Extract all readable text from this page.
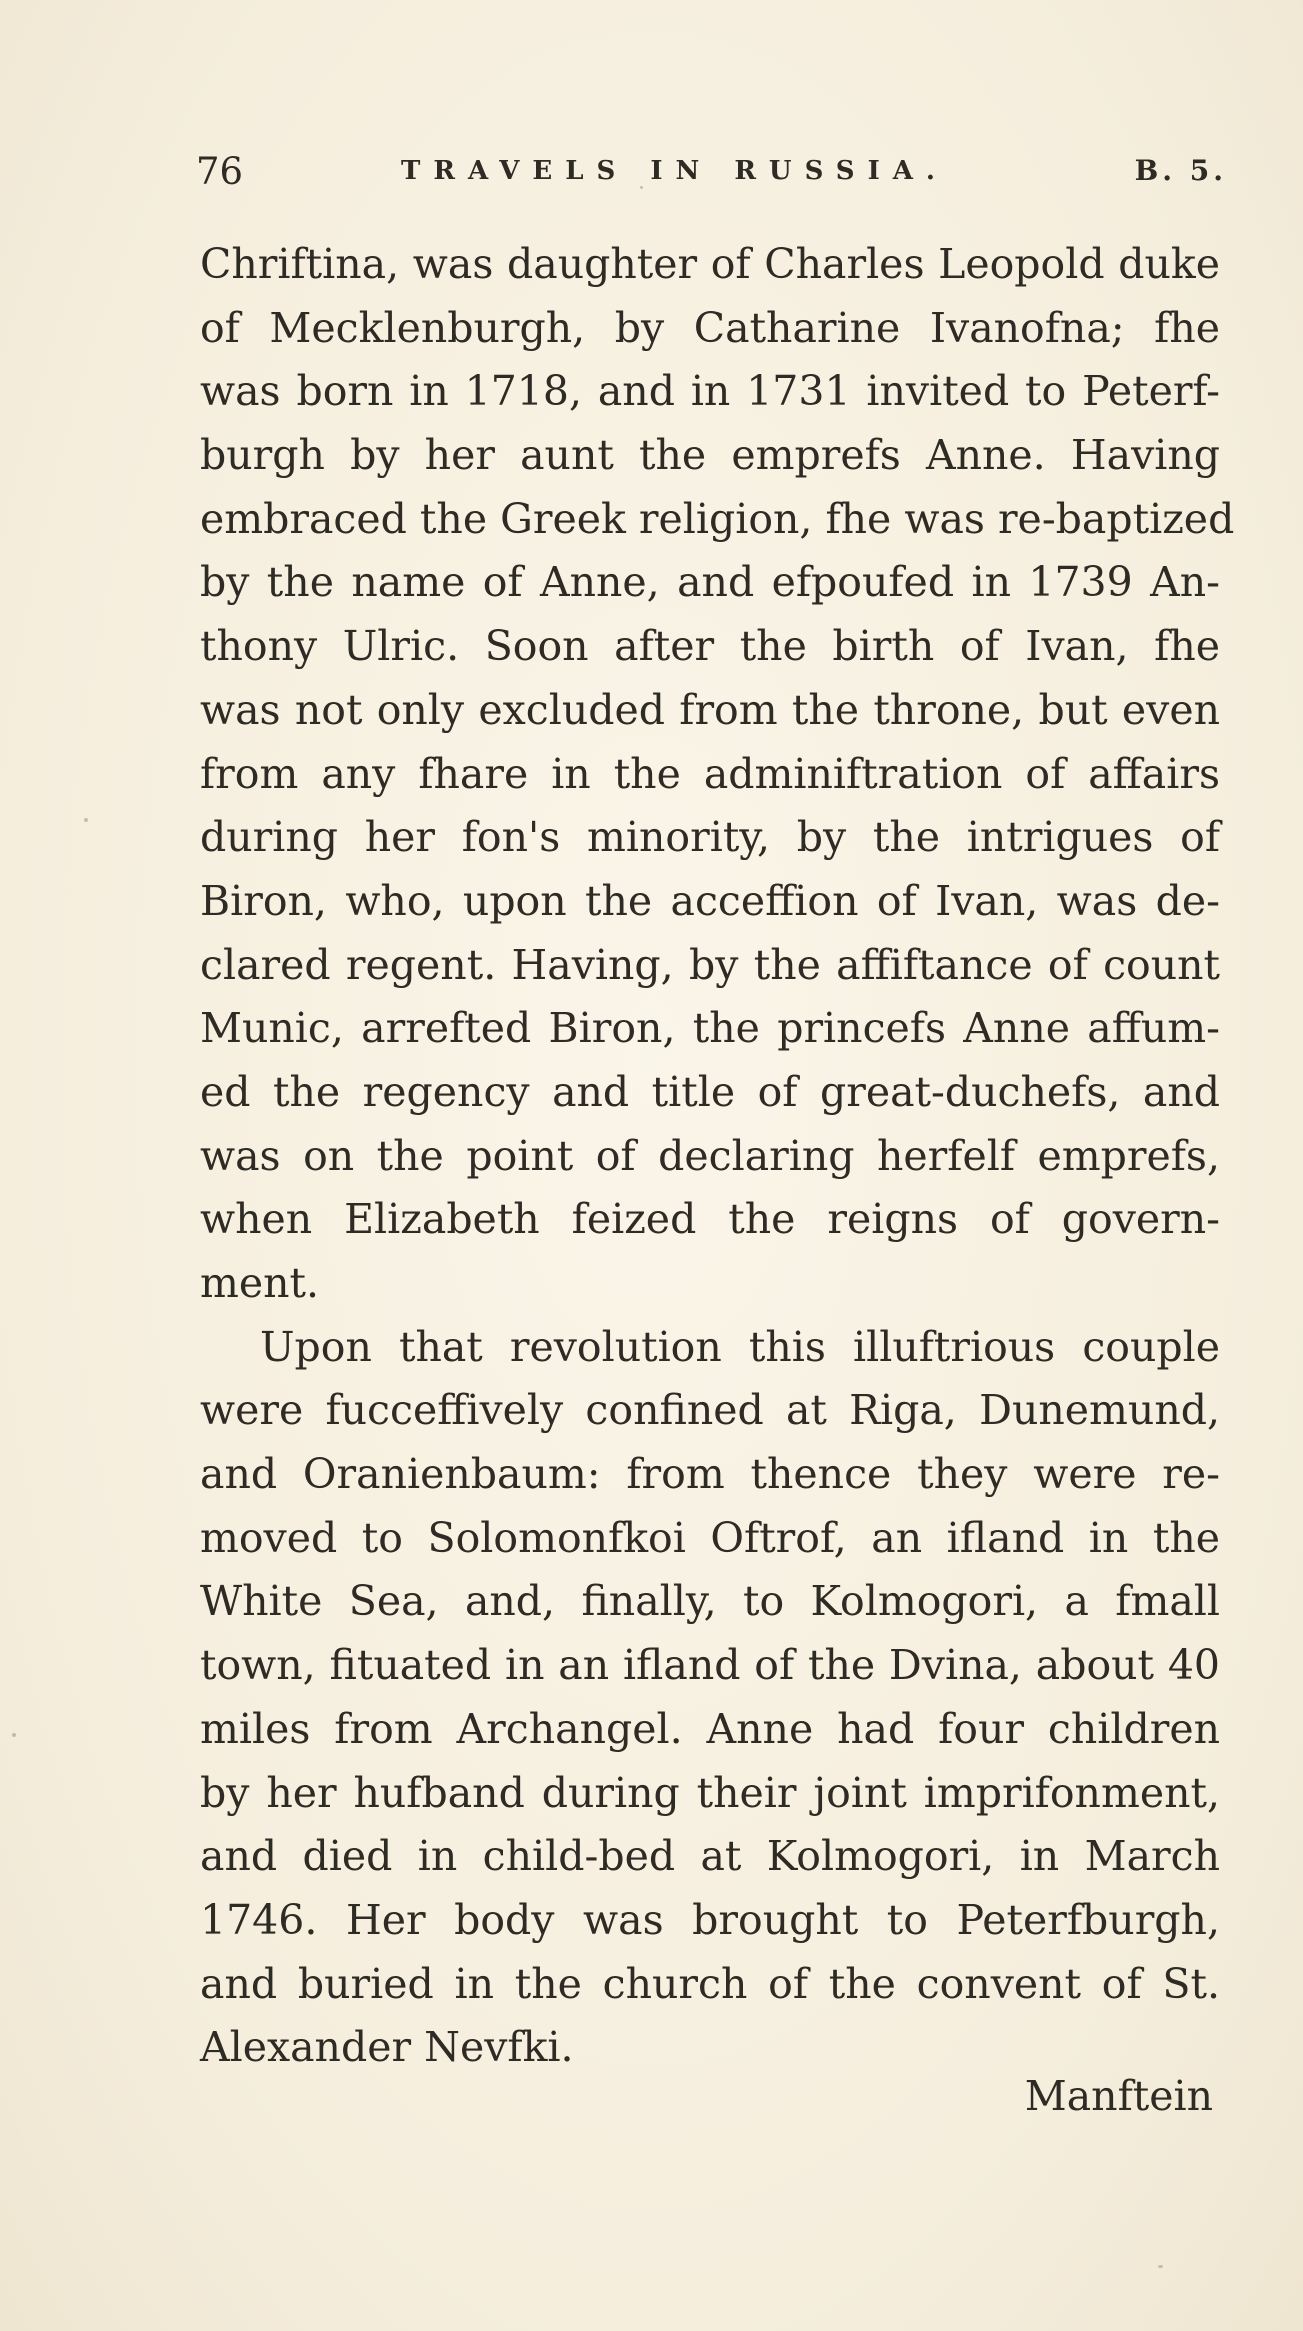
76	TRAVELS IN RUSSIA.	B. 5.
Chriftina, was daughter of Charles Leopold duke
of Mecklenburgh, by Catharine Ivanofna; fhe
was born in 1718, and in 1731 invited to Peterf-
burgh by her aunt the emprefs Anne. Having
embraced the Greek religion, fhe was re-baptized
by the name of Anne, and efpoufed in 1739 An-
thony Ulric. Soon after the birth of Ivan, fhe
was not only excluded from the throne, but even
from any fhare in the adminiftration of affairs
during her fon's minority, by the intrigues of
Biron, who, upon the acceffion of Ivan, was de-
clared regent. Having, by the affiftance of count
Munic, arrefted Biron, the princefs Anne affum-
ed the regency and title of great-duchefs, and
was on the point of declaring herfelf emprefs,
when Elizabeth feized the reigns of govern-
ment.
Upon that revolution this illuftrious couple
were fucceffively confined at Riga, Dunemund,
and Oranienbaum: from thence they were re-
moved to Solomonfkoi Oftrof, an ifland in the
White Sea, and, finally, to Kolmogori, a fmall
town, fituated in an ifland of the Dvina, about 40
miles from Archangel. Anne had four children
by her hufband during their joint imprifonment,
and died in child-bed at Kolmogori, in March
1746. Her body was brought to Peterfburgh,
and buried in the church of the convent of St.
Alexander Nevfki.
Manftein
